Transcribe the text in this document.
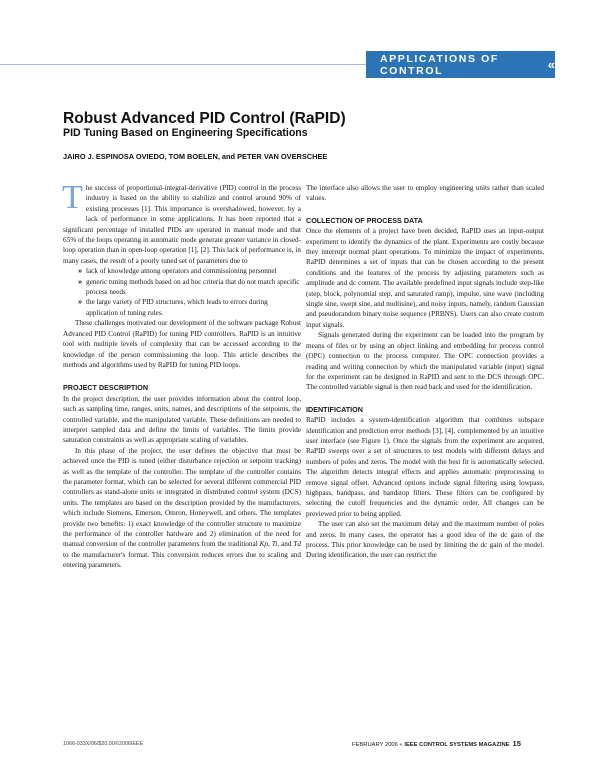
APPLICATIONS OF CONTROL	«
Robust Advanced PID Control (RaPID)
PID Tuning Based on Engineering Specifications
JAIRO J. ESPINOSA OVIEDO, TOM BOELEN, and PETER VAN OVERSCHEE

The success of proportional-integral-derivative (PID) control in the process industry is based on the ability to stabilize and control around 90% of existing processes [1]. This importance is overshadowed, however, by a lack of performance in some applications. It has been reported that a significant percentage of installed PIDs are operated in manual mode and that 65% of the loops operating in automatic mode generate greater variance in closed-loop operation than in open-loop operation [1], [2]. This lack of performance is, in many cases, the result of a poorly tuned set of parameters due to

» lack of knowledge among operators and commissioning personnel
» generic tuning methods based on ad hoc criteria that do not match specific process needs
» the large variety of PID structures, which leads to errors during application of tuning rules.

These challenges motivated our development of the software package Robust Advanced PID Control (RaPID) for tuning PID controllers. RaPID is an intuitive tool with multiple levels of complexity that can be accessed according to the knowledge of the person commissioning the loop. This article describes the methods and algorithms used by RaPID for tuning PID loops.

PROJECT DESCRIPTION

In the project description, the user provides information about the control loop, such as sampling time, ranges, units, names, and descriptions of the setpoints, the controlled variable, and the manipulated variable. These definitions are needed to interpret sampled data and define the limits of variables. The limits provide saturation constraints as well as appropriate scaling of variables.

In this phase of the project, the user defines the objective that must be achieved once the PID is tuned (either disturbance rejection or setpoint tracking) as well as the template of the controller. The template of the controller contains the parameter format, which can be selected for several different commercial PID controllers as stand-alone units or integrated in distributed control system (DCS) units. The templates are based on the description provided by the manufacturers, which include Siemens, Emerson, Omron, Honeywell, and others. The templates provide two benefits: 1) exact knowledge of the controller structure to maximize the performance of the controller hardware and 2) elimination of the need for manual conversion of the controller parameters from the traditional Kp, Ti, and Td to the manufacturer's format. This conversion reduces errors due to scaling and entering parameters.

The interface also allows the user to employ engineering units rather than scaled values.

COLLECTION OF PROCESS DATA

Once the elements of a project have been decided, RaPID uses an input-output experiment to identify the dynamics of the plant. Experiments are costly because they interrupt normal plant operations. To minimize the impact of experiments, RaPID determines a set of inputs that can be chosen according to the present conditions and the features of the process by adjusting parameters such as amplitude and dc content. The available predefined input signals include step-like (step, block, polynomial step, and saturated ramp), impulse, sine wave (including single sine, swept sine, and multisine), and noisy inputs, namely, random Gaussian and pseudorandom binary noise sequence (PRBNS). Users can also create custom input signals.

Signals generated during the experiment can be loaded into the program by means of files or by using an object linking and embedding for process control (OPC) connection to the process computer. The OPC connection provides a reading and writing connection by which the manipulated variable (input) signal for the experiment can be designed in RaPID and sent to the DCS through OPC. The controlled variable signal is then read back and used for the identification.

IDENTIFICATION

RaPID includes a system-identification algorithm that combines subspace identification and prediction error methods [3], [4], complemented by an intuitive user interface (see Figure 1). Once the signals from the experiment are acquired, RaPID sweeps over a set of structures to test models with different delays and numbers of poles and zeros. The model with the best fit is automatically selected. The algorithm detects integral effects and applies automatic preprocessing to remove signal offset. Advanced options include signal filtering using lowpass, highpass, bandpass, and bandstop filters. These filters can be configured by selecting the cutoff frequencies and the dynamic order. All changes can be previewed prior to being applied.

The user can also set the maximum delay and the maximum number of poles and zeros. In many cases, the operator has a good idea of the dc gain of the process. This prior knowledge can be used by limiting the dc gain of the model. During identification, the user can restrict the

1066-033X/06/$20.00©2006IEEE	FEBRUARY 2006 « IEEE CONTROL SYSTEMS MAGAZINE 15
